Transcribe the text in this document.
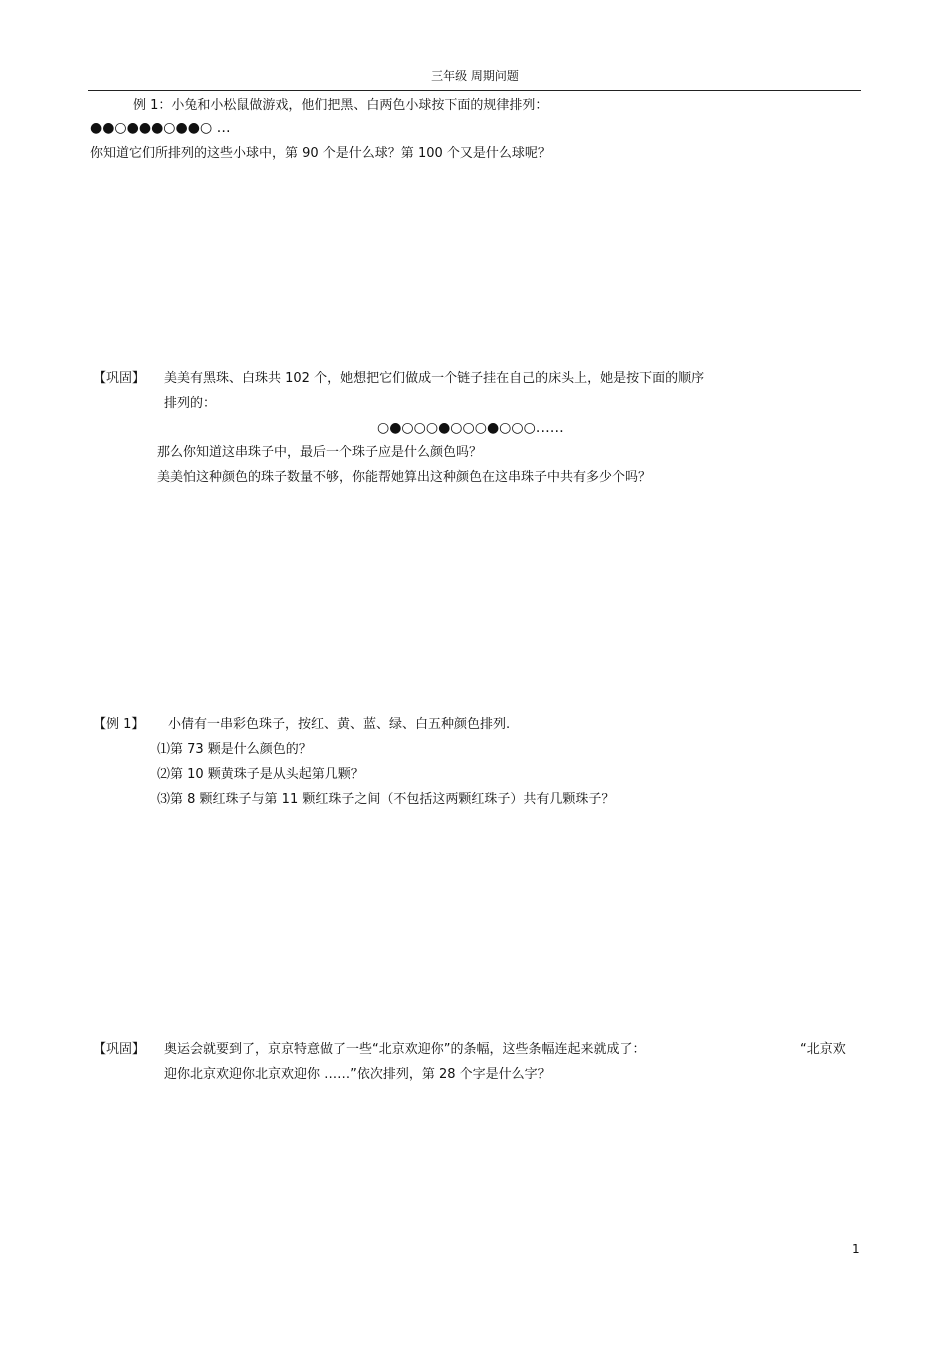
三年级 周期问题
例 1：小兔和小松鼠做游戏，他们把黑、白两色小球按下面的规律排列：
●●○●●●○●●○ …
你知道它们所排列的这些小球中，第 90 个是什么球？第 100 个又是什么球呢？
【巩固】 美美有黑珠、白珠共 102 个，她想把它们做成一个链子挂在自己的床头上，她是按下面的顺序
排列的：
○●○○○●○○○●○○○……
那么你知道这串珠子中，最后一个珠子应是什么颜色吗？
美美怕这种颜色的珠子数量不够，你能帮她算出这种颜色在这串珠子中共有多少个吗？
【例 1】 小倩有一串彩色珠子，按红、黄、蓝、绿、白五种颜色排列.
⑴第 73 颗是什么颜色的？
⑵第 10 颗黄珠子是从头起第几颗？
⑶第 8 颗红珠子与第 11 颗红珠子之间（不包括这两颗红珠子）共有几颗珠子？
【巩固】 奥运会就要到了，京京特意做了一些“北京欢迎你”的条幅，这些条幅连起来就成了：	“北京欢
迎你北京欢迎你北京欢迎你 ……”依次排列，第 28 个字是什么字？
1
